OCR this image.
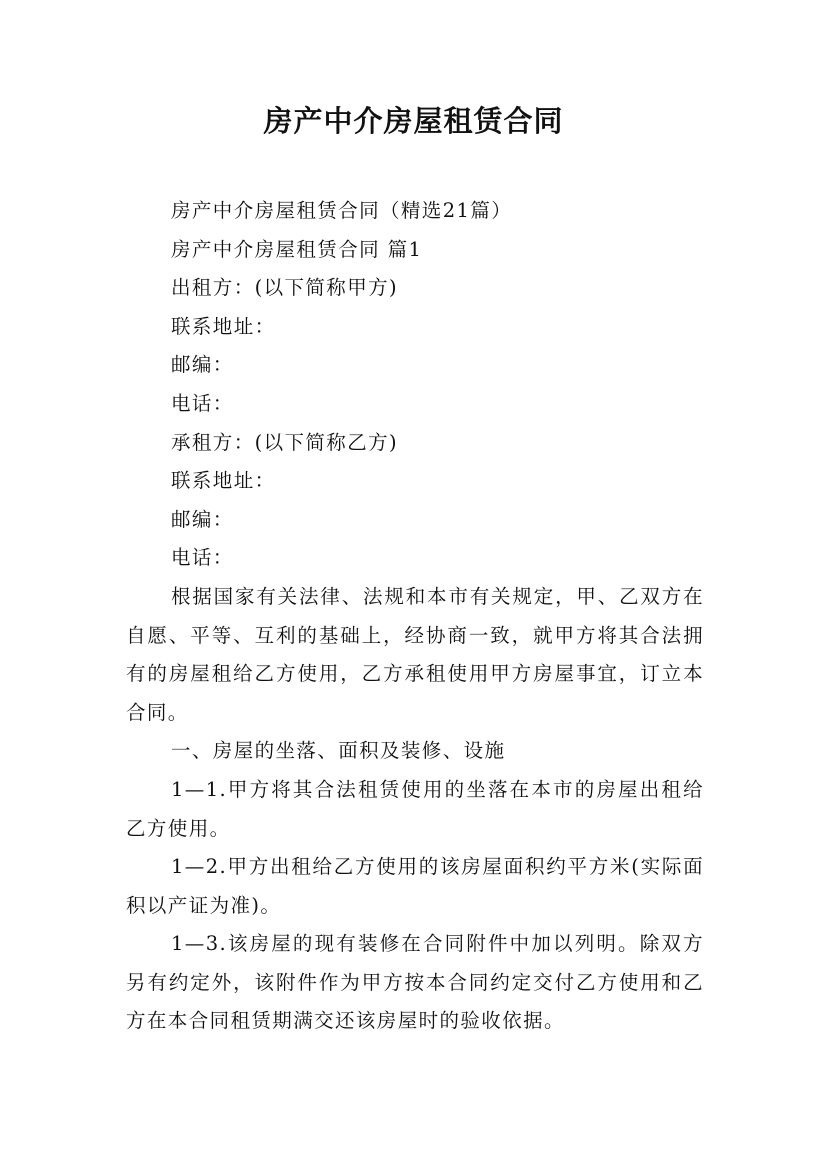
房产中介房屋租赁合同

房产中介房屋租赁合同（精选21篇）

房产中介房屋租赁合同 篇1

出租方：(以下简称甲方)

联系地址：

邮编：

电话：

承租方：(以下简称乙方)

联系地址：

邮编：

电话：

根据国家有关法律、法规和本市有关规定，甲、乙双方在自愿、平等、互利的基础上，经协商一致，就甲方将其合法拥有的房屋租给乙方使用，乙方承租使用甲方房屋事宜，订立本合同。

一、房屋的坐落、面积及装修、设施

1—1.甲方将其合法租赁使用的坐落在本市的房屋出租给乙方使用。

1—2.甲方出租给乙方使用的该房屋面积约平方米(实际面积以产证为准)。

1—3.该房屋的现有装修在合同附件中加以列明。除双方另有约定外，该附件作为甲方按本合同约定交付乙方使用和乙方在本合同租赁期满交还该房屋时的验收依据。
